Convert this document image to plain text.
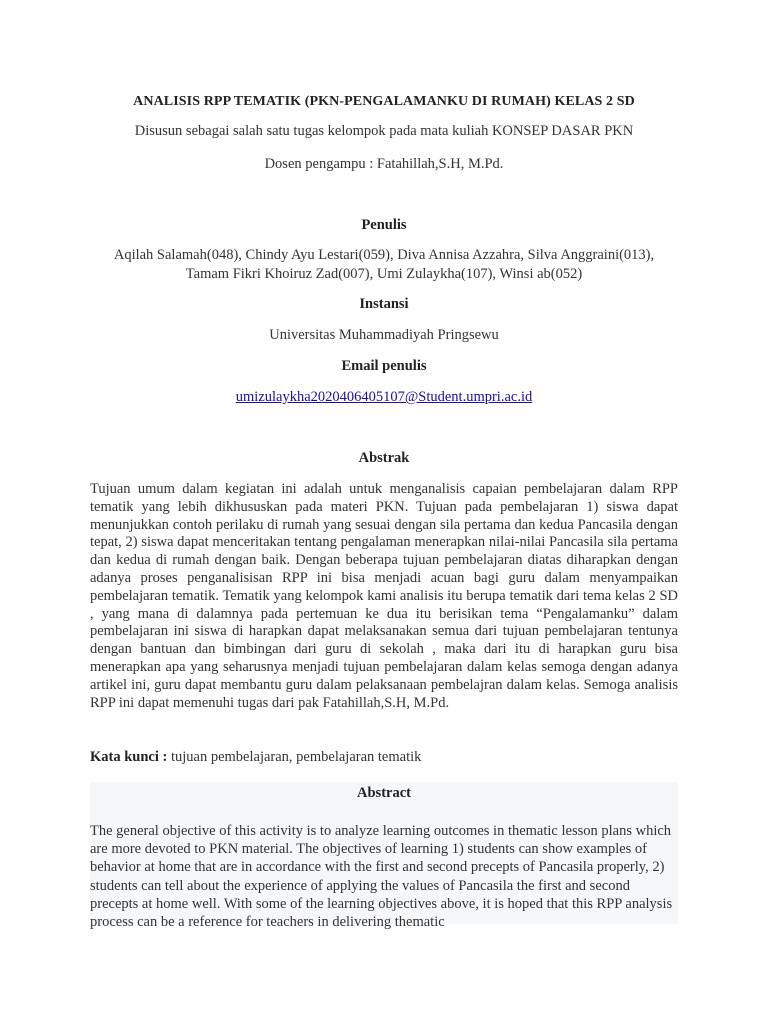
ANALISIS RPP TEMATIK (PKN-PENGALAMANKU DI RUMAH) KELAS 2 SD
Disusun sebagai salah satu tugas kelompok pada mata kuliah KONSEP DASAR PKN
Dosen pengampu : Fatahillah,S.H, M.Pd.
Penulis
Aqilah Salamah(048), Chindy Ayu Lestari(059), Diva Annisa Azzahra, Silva Anggraini(013),
Tamam Fikri Khoiruz Zad(007), Umi Zulaykha(107), Winsi ab(052)
Instansi
Universitas Muhammadiyah Pringsewu
Email penulis
umizulaykha2020406405107@Student.umpri.ac.id
Abstrak
Tujuan umum dalam kegiatan ini adalah untuk menganalisis capaian pembelajaran dalam RPP tematik yang lebih dikhususkan pada materi PKN. Tujuan pada pembelajaran 1) siswa dapat menunjukkan contoh perilaku di rumah yang sesuai dengan sila pertama dan kedua Pancasila dengan tepat, 2) siswa dapat menceritakan tentang pengalaman menerapkan nilai-nilai Pancasila sila pertama dan kedua di rumah dengan baik. Dengan beberapa tujuan pembelajaran diatas diharapkan dengan adanya proses penganalisisan RPP ini bisa menjadi acuan bagi guru dalam menyampaikan pembelajaran tematik. Tematik yang kelompok kami analisis itu berupa tematik dari tema kelas 2 SD , yang mana di dalamnya pada pertemuan ke dua itu berisikan tema “Pengalamanku” dalam pembelajaran ini siswa di harapkan dapat melaksanakan semua dari tujuan pembelajaran tentunya dengan bantuan dan bimbingan dari guru di sekolah , maka dari itu di harapkan guru bisa menerapkan apa yang seharusnya menjadi tujuan pembelajaran dalam kelas semoga dengan adanya artikel ini, guru dapat membantu guru dalam pelaksanaan pembelajran dalam kelas. Semoga analisis RPP ini dapat memenuhi tugas dari pak Fatahillah,S.H, M.Pd.
Kata kunci : tujuan pembelajaran, pembelajaran tematik
Abstract
The general objective of this activity is to analyze learning outcomes in thematic lesson plans which are more devoted to PKN material. The objectives of learning 1) students can show examples of behavior at home that are in accordance with the first and second precepts of Pancasila properly, 2) students can tell about the experience of applying the values of Pancasila the first and second precepts at home well. With some of the learning objectives above, it is hoped that this RPP analysis process can be a reference for teachers in delivering thematic
